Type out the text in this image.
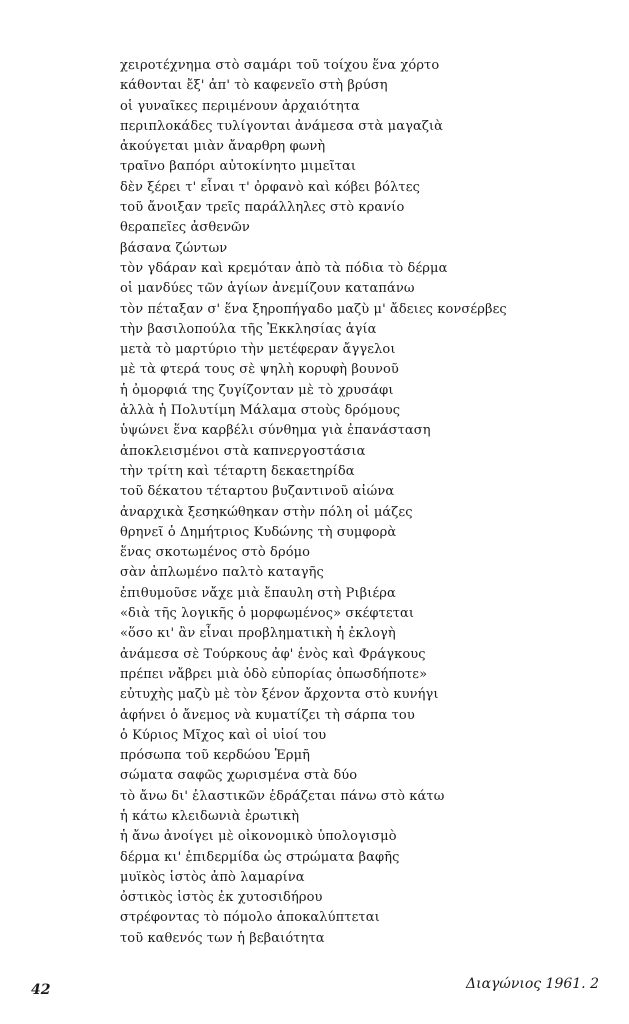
χειροτέχνημα στὸ σαμάρι τοῦ τοίχου ἕνα χόρτο
κάθονται ἔξ' ἀπ' τὸ καφενεῖο στὴ βρύση
οἱ γυναῖκες περιμένουν ἀρχαιότητα
περιπλοκάδες τυλίγονται ἀνάμεσα στὰ μαγαζιὰ
ἀκούγεται μιὰν ἄναρθρη φωνὴ
τραῖνο βαπόρι αὐτοκίνητο μιμεῖται
δὲν ξέρει τ' εἶναι τ' ὀρφανὸ καὶ κόβει βόλτες
τοῦ ἄνοιξαν τρεῖς παράλληλες στὸ κρανίο
θεραπεῖες ἀσθενῶν
βάσανα ζώντων
τὸν γδάραν καὶ κρεμόταν ἀπὸ τὰ πόδια τὸ δέρμα
οἱ μανδύες τῶν ἁγίων ἀνεμίζουν καταπάνω
τὸν πέταξαν σ' ἕνα ξηροπήγαδο μαζὺ μ' ἄδειες κονσέρβες
τὴν βασιλοπούλα τῆς Ἐκκλησίας ἁγία
μετὰ τὸ μαρτύριο τὴν μετέφεραν ἄγγελοι
μὲ τὰ φτερά τους σὲ ψηλὴ κορυφὴ βουνοῦ
ἡ ὀμορφιά της ζυγίζονταν μὲ τὸ χρυσάφι
ἀλλὰ ἡ Πολυτίμη Μάλαμα στοὺς δρόμους
ὑψώνει ἕνα καρβέλι σύνθημα γιὰ ἐπανάσταση
ἀποκλεισμένοι στὰ καπνεργοστάσια
τὴν τρίτη καὶ τέταρτη δεκαετηρίδα
τοῦ δέκατου τέταρτου βυζαντινοῦ αἰώνα
ἀναρχικὰ ξεσηκώθηκαν στὴν πόλη οἱ μάζες
θρηνεῖ ὁ Δημήτριος Κυδώνης τὴ συμφορὰ
ἕνας σκοτωμένος στὸ δρόμο
σὰν ἁπλωμένο παλτὸ καταγῆς
ἐπιθυμοῦσε νἄχε μιὰ ἔπαυλη στὴ Ριβιέρα
«διὰ τῆς λογικῆς ὁ μορφωμένος» σκέφτεται
«ὅσο κι' ἂν εἶναι προβληματικὴ ἡ ἐκλογὴ
ἀνάμεσα σὲ Τούρκους ἀφ' ἑνὸς καὶ Φράγκους
πρέπει νἄβρει μιὰ ὁδὸ εὐπορίας ὁπωσδήποτε»
εὐτυχὴς μαζὺ μὲ τὸν ξένον ἄρχοντα στὸ κυνήγι
ἀφήνει ὁ ἄνεμος νὰ κυματίζει τὴ σάρπα του
ὁ Κύριος Μῖχος καὶ οἱ υἱοί του
πρόσωπα τοῦ κερδώου Ἑρμῆ
σώματα σαφῶς χωρισμένα στὰ δύο
τὸ ἄνω δι' ἐλαστικῶν ἑδράζεται πάνω στὸ κάτω
ἡ κάτω κλειδωνιὰ ἐρωτικὴ
ἡ ἄνω ἀνοίγει μὲ οἰκονομικὸ ὑπολογισμὸ
δέρμα κι' ἐπιδερμίδα ὡς στρώματα βαφῆς
μυϊκὸς ἱστὸς ἀπὸ λαμαρίνα
ὀστικὸς ἱστὸς ἐκ χυτοσιδήρου
στρέφοντας τὸ πόμολο ἀποκαλύπτεται
τοῦ καθενός των ἡ βεβαιότητα
42	Διαγώνιος 1961. 2
